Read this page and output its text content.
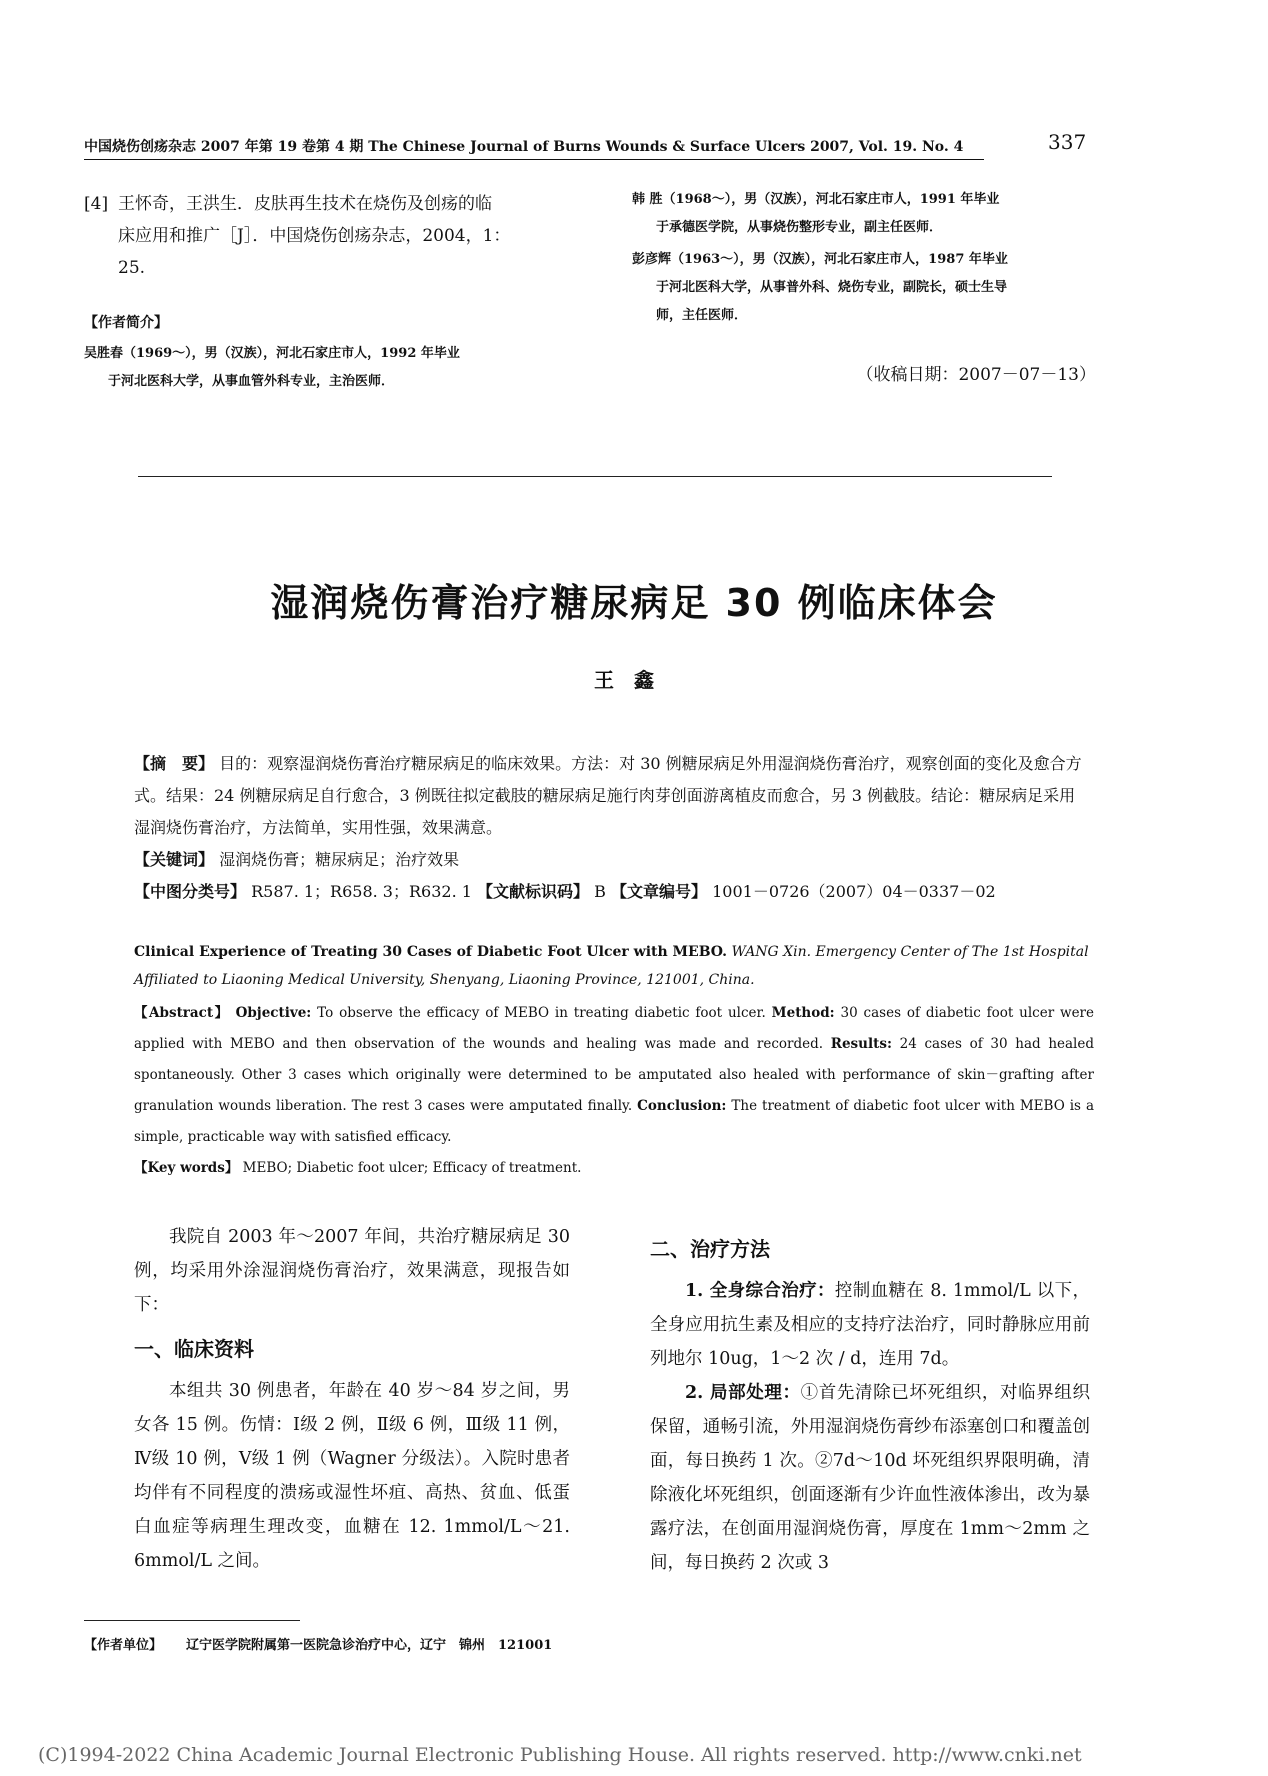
中国烧伤创疡杂志 2007 年第 19 卷第 4 期 The Chinese Journal of Burns Wounds & Surface Ulcers 2007, Vol. 19. No. 4	337
[4] 王怀奇，王洪生．皮肤再生技术在烧伤及创疡的临
床应用和推广［J］．中国烧伤创疡杂志，2004，1：
25.
【作者简介】
吴胜春（1969～），男（汉族），河北石家庄市人，1992 年毕业
于河北医科大学，从事血管外科专业，主治医师．
韩 胜（1968～），男（汉族），河北石家庄市人，1991 年毕业
于承德医学院，从事烧伤整形专业，副主任医师．
彭彦辉（1963～），男（汉族），河北石家庄市人，1987 年毕业
于河北医科大学，从事普外科、烧伤专业，副院长，硕士生导
师，主任医师．
（收稿日期：2007－07－13）
湿润烧伤膏治疗糖尿病足 30 例临床体会
王鑫

【摘　要】 目的：观察湿润烧伤膏治疗糖尿病足的临床效果。方法：对 30 例糖尿病足外用湿润烧伤膏治疗，观察创面的变化及愈合方式。结果：24 例糖尿病足自行愈合，3 例既往拟定截肢的糖尿病足施行肉芽创面游离植皮而愈合，另 3 例截肢。结论：糖尿病足采用湿润烧伤膏治疗，方法简单，实用性强，效果满意。

【关键词】 湿润烧伤膏；糖尿病足；治疗效果

【中图分类号】 R587. 1；R658. 3；R632. 1 【文献标识码】 B 【文章编号】 1001－0726（2007）04－0337－02

Clinical Experience of Treating 30 Cases of Diabetic Foot Ulcer with MEBO. WANG Xin. Emergency Center of The 1st Hospital Affiliated to Liaoning Medical University, Shenyang, Liaoning Province, 121001, China.

【Abstract】 Objective: To observe the efficacy of MEBO in treating diabetic foot ulcer. Method: 30 cases of diabetic foot ulcer were applied with MEBO and then observation of the wounds and healing was made and recorded. Results: 24 cases of 30 had healed spontaneously. Other 3 cases which originally were determined to be amputated also healed with performance of skin－grafting after granulation wounds liberation. The rest 3 cases were amputated finally. Conclusion: The treatment of diabetic foot ulcer with MEBO is a simple, practicable way with satisfied efficacy.

【Key words】 MEBO; Diabetic foot ulcer; Efficacy of treatment.

我院自 2003 年～2007 年间，共治疗糖尿病足 30 例，均采用外涂湿润烧伤膏治疗，效果满意，现报告如下：

一、临床资料

本组共 30 例患者，年龄在 40 岁～84 岁之间，男女各 15 例。伤情：Ⅰ级 2 例，Ⅱ级 6 例，Ⅲ级 11 例，Ⅳ级 10 例，Ⅴ级 1 例（Wagner 分级法）。入院时患者均伴有不同程度的溃疡或湿性坏疽、高热、贫血、低蛋白血症等病理生理改变，血糖在 12. 1mmol/L～21. 6mmol/L 之间。

二、治疗方法

1. 全身综合治疗：控制血糖在 8. 1mmol/L 以下，全身应用抗生素及相应的支持疗法治疗，同时静脉应用前列地尔 10ug，1～2 次 / d，连用 7d。

2. 局部处理：①首先清除已坏死组织，对临界组织保留，通畅引流，外用湿润烧伤膏纱布添塞创口和覆盖创面，每日换药 1 次。②7d～10d 坏死组织界限明确，清除液化坏死组织，创面逐渐有少许血性液体渗出，改为暴露疗法，在创面用湿润烧伤膏，厚度在 1mm～2mm 之间，每日换药 2 次或 3

【作者单位】 辽宁医学院附属第一医院急诊治疗中心，辽宁　锦州　121001
(C)1994-2022 China Academic Journal Electronic Publishing House. All rights reserved. http://www.cnki.net
